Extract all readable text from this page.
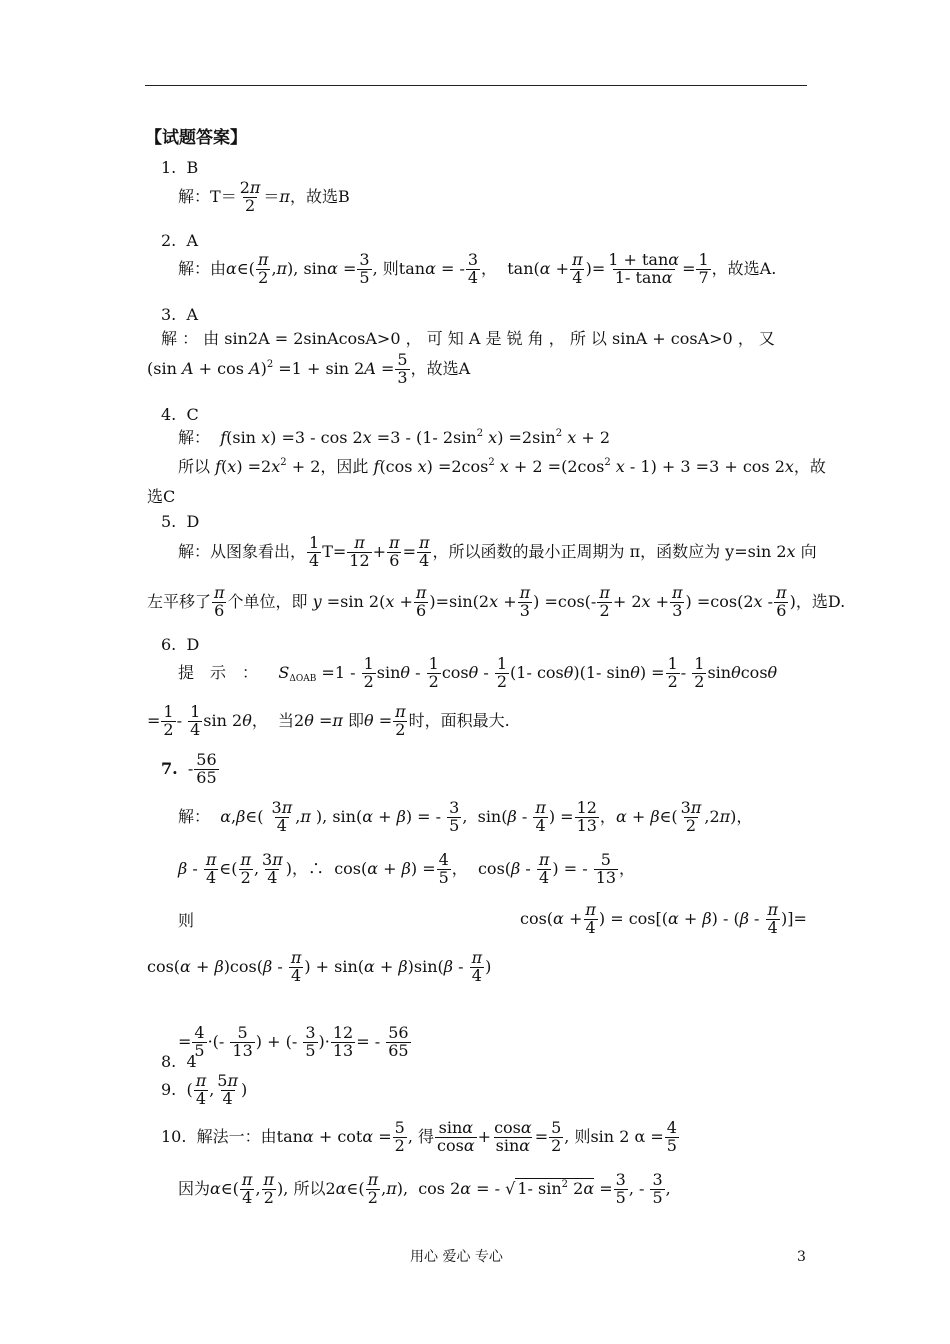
【试题答案】
1. B
解：$T= \frac{2\pi}{2} =\pi$，故选B
2. A
解：由α∈( $\frac{\pi}{2} ,\pi$), $\sin\alpha = \frac{3}{5}$ , 则tanα = - $\frac{3}{4}$ ，  $\tan(\alpha + \frac{\pi}{4}$ )= $\frac{1 + \tan\alpha}{1- \tan\alpha} = \frac{1}{7}$ ，故选A.
3. A
解 ： 由 sin2A = 2sinAcosA>0 ， 可 知 A 是 锐 角 ， 所 以 sinA + cosA>0 ， 又
(sin $A + \cos A)^2 =1 + \sin 2A = \frac{5}{3}$ ，故选A
4. C
解： f(sin x) =3 - cos 2x =3 - (1- $2\sin^2$ $x) =2\sin^2$ x + 2
所以 $f(x) =2x^2 + 2$，因此 f(cos $x) =2\cos^2$ $x + 2 =(2\cos^2$ x - 1) + 3 =3 + cos 2x，故
选C
5. D
解：从图象看出， $\frac{1}{4} T= \frac{\pi}{12} + \frac{\pi}{6} = \frac{\pi}{4}$ ，所以函数的最小正周期为 π，函数应为 y=sin 2x 向
左平移了 $\frac{\pi}{6}$ 个单位，即 y =sin $2(x + \frac{\pi}{6} )=\sin(2x + \frac{\pi}{3}$ ) $=\cos(- \frac{\pi}{2} + 2x + \frac{\pi}{3}$ ) $=\cos(2x - \frac{\pi}{6}$ )，选D.
6. D
提　示　： $S_{\Delta OAB} =1 - \frac{1}{2}$ sinθ - $\frac{1}{2}$ cosθ - $\frac{1}{2} (1-$ cosθ)(1- $\sin\theta) = \frac{1}{2} - \frac{1}{2}$ sinθcosθ
= $\frac{1}{2} - \frac{1}{4}$ sin 2θ，  当2θ =π 即$\theta = \frac{\pi}{2}$ 时，面积最大.
7.  - $\frac{56}{65}$
解： α,β∈( $\frac{3\pi}{4} ,\pi$ ), sin(α + β) = - $\frac{3}{5}$ ,  $\sin(\beta - \frac{\pi}{4}$ ) = $\frac{12}{13}$ ，α + β∈( $\frac{3\pi}{2} ,2\pi$)，
β - $\frac{\pi}{4}$ ∈( $\frac{\pi}{2}$ , $\frac{3\pi}{4}$ )，∴  $\cos(\alpha + \beta) = \frac{4}{5}$ ，  $\cos(\beta - \frac{\pi}{4}$ ) = - $\frac{5}{13}$ ，
则	$\cos(\alpha + \frac{\pi}{4}$ ) = $\cos[(\alpha + \beta) - (\beta - \frac{\pi}{4}$ )]=
$\cos(\alpha + \beta)\cos(\beta - \frac{\pi}{4}$ ) + $\sin(\alpha + \beta)\sin(\beta - \frac{\pi}{4}$ )
= $\frac{4}{5}$ ·(- $\frac{5}{13}$ ) + (- $\frac{3}{5}$ )· $\frac{12}{13}$ = - $\frac{56}{65}$
8. 4
9.  ( $\frac{\pi}{4}$ , $\frac{5\pi}{4}$ )
10. 解法一：由$\tan\alpha + \cot\alpha = \frac{5}{2}$ , 得 $\frac{\sin\alpha}{\cos\alpha} + \frac{\cos\alpha}{\sin\alpha} = \frac{5}{2}$ , 则sin 2 $\alpha = \frac{4}{5}$
因为α∈( $\frac{\pi}{4}$ , $\frac{\pi}{2}$ ), 所以2α∈( $\frac{\pi}{2} ,\pi$),  cos 2α = - √ 1- $\sin^2 2\alpha = \frac{3}{5}$ , - $\frac{3}{5}$ ,
用心 爱心 专心	3
